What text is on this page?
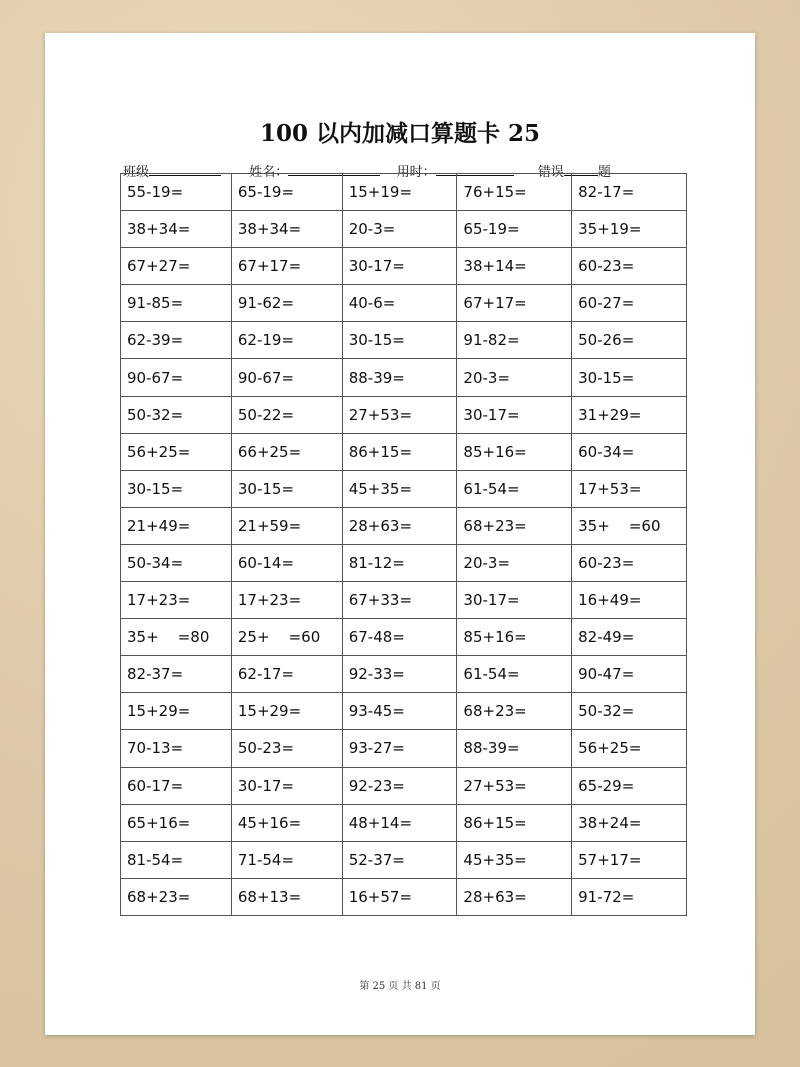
100 以内加减口算题卡 25
班级	姓名：	用时：	错误	题
55-19=	65-19=	15+19=	76+15=	82-17=
38+34=	38+34=	20-3=	65-19=	35+19=
67+27=	67+17=	30-17=	38+14=	60-23=
91-85=	91-62=	40-6=	67+17=	60-27=
62-39=	62-19=	30-15=	91-82=	50-26=
90-67=	90-67=	88-39=	20-3=	30-15=
50-32=	50-22=	27+53=	30-17=	31+29=
56+25=	66+25=	86+15=	85+16=	60-34=
30-15=	30-15=	45+35=	61-54=	17+53=
21+49=	21+59=	28+63=	68+23=	35+    =60
50-34=	60-14=	81-12=	20-3=	60-23=
17+23=	17+23=	67+33=	30-17=	16+49=
35+    =80	25+    =60	67-48=	85+16=	82-49=
82-37=	62-17=	92-33=	61-54=	90-47=
15+29=	15+29=	93-45=	68+23=	50-32=
70-13=	50-23=	93-27=	88-39=	56+25=
60-17=	30-17=	92-23=	27+53=	65-29=
65+16=	45+16=	48+14=	86+15=	38+24=
81-54=	71-54=	52-37=	45+35=	57+17=
68+23=	68+13=	16+57=	28+63=	91-72=
第 25 页 共 81 页
